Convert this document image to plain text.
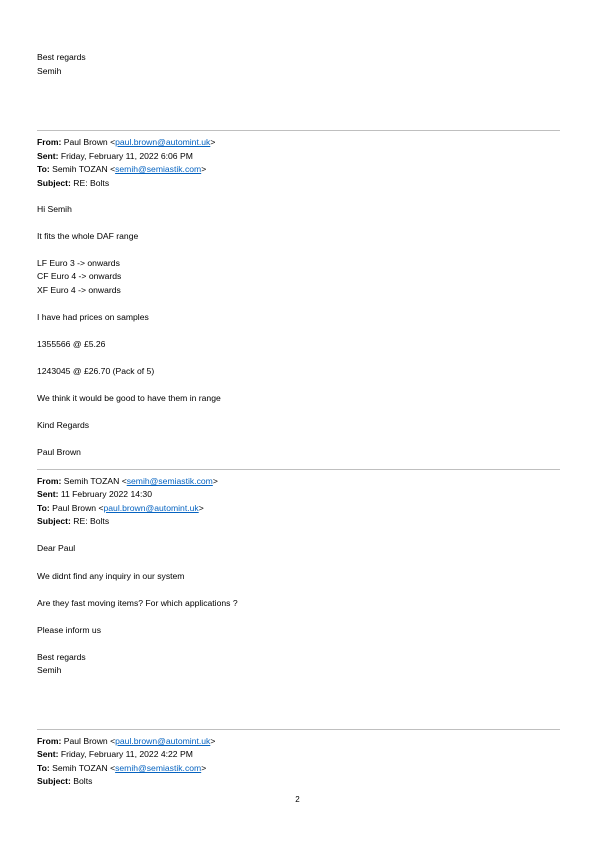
Best regards
Semih
From: Paul Brown <paul.brown@automint.uk>
Sent: Friday, February 11, 2022 6:06 PM
To: Semih TOZAN <semih@semiastik.com>
Subject: RE: Bolts
Hi Semih
It fits the whole DAF range
LF Euro 3 -> onwards
CF Euro 4 -> onwards
XF Euro 4 -> onwards
I have had prices on samples
1355566 @ £5.26
1243045 @ £26.70 (Pack of 5)
We think it would be good to have them in range
Kind Regards
Paul Brown
From: Semih TOZAN <semih@semiastik.com>
Sent: 11 February 2022 14:30
To: Paul Brown <paul.brown@automint.uk>
Subject: RE: Bolts
Dear Paul
We didnt find any inquiry in our system
Are they fast moving items? For which applications ?
Please inform us
Best regards
Semih
From: Paul Brown <paul.brown@automint.uk>
Sent: Friday, February 11, 2022 4:22 PM
To: Semih TOZAN <semih@semiastik.com>
Subject: Bolts
2
